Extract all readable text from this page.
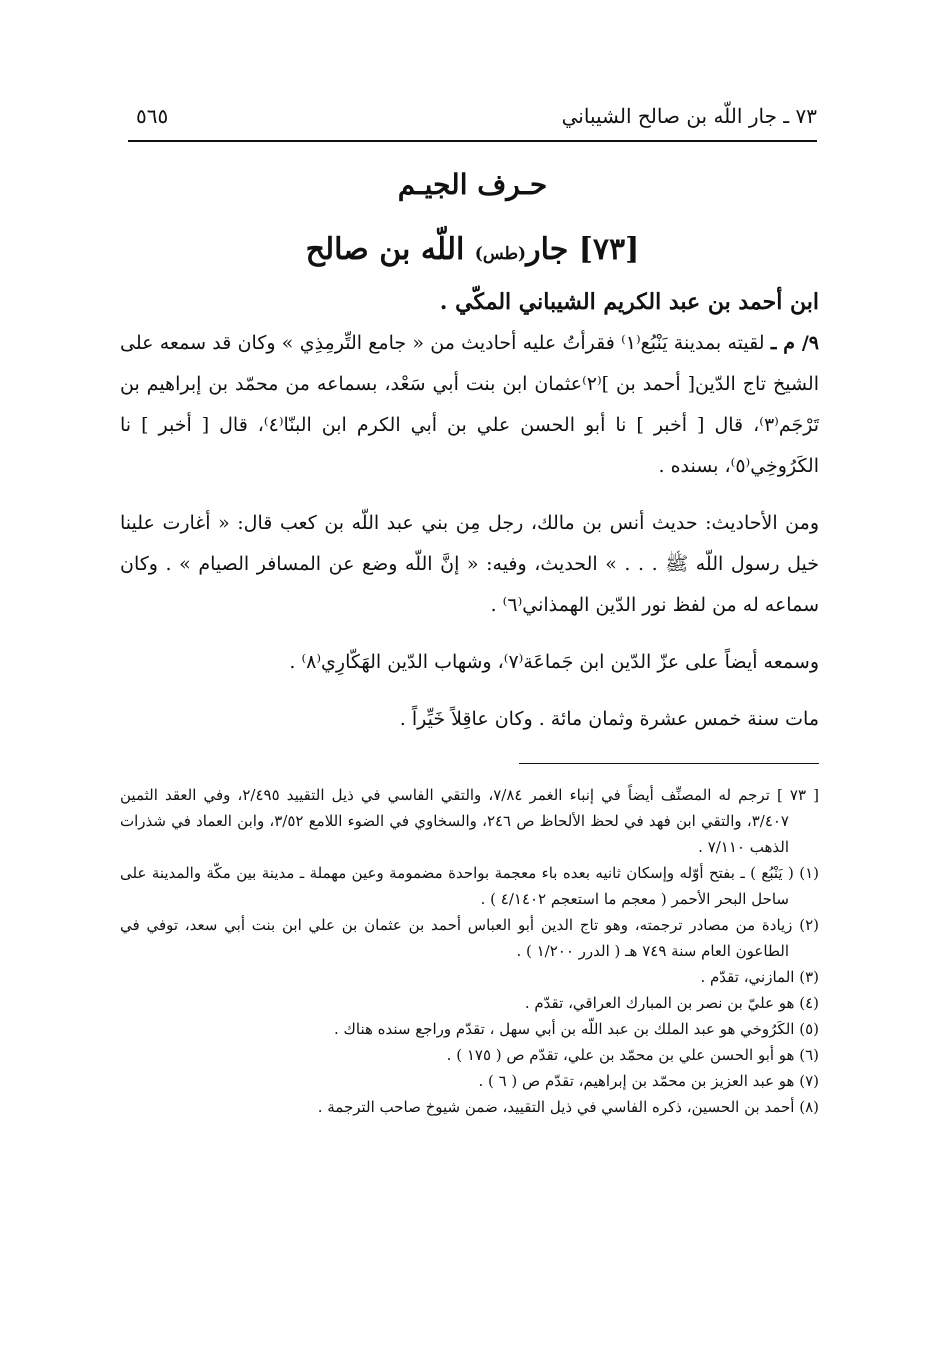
٧٣ ـ جار اللّه بن صالح الشيباني
٥٦٥
حـرف الجيـم
[٧٣] جار(طس) اللّه بن صالح

ابن أحمد بن عبد الكريم الشيباني المكّي .

٩/ م ـ لقيته بمدينة يَنْبُع⁽١⁾ فقرأتُ عليه أحاديث من « جامع التِّرمِذِي » وكان قد سمعه على الشيخ تاج الدّين[ أحمد بن ]⁽٢⁾عثمان ابن بنت أبي سَعْد، بسماعه من محمّد بن إبراهيم بن تَرْجَم⁽٣⁾، قال [ أخبر ] نا أبو الحسن علي بن أبي الكرم ابن البنّا⁽٤⁾، قال [ أخبر ] نا الكَرُوخِي⁽٥⁾، بسنده .

ومن الأحاديث: حديث أنس بن مالك، رجل مِن بني عبد اللّه بن كعب قال: « أغارت علينا خيل رسول اللّه ﷺ . . . » الحديث، وفيه: « إنَّ اللّه وضع عن المسافر الصيام » . وكان سماعه له من لفظ نور الدّين الهمذاني⁽٦⁾ .

وسمعه أيضاً على عزّ الدّين ابن جَماعَة⁽٧⁾، وشهاب الدّين الهَكّارِي⁽٨⁾ .

مات سنة خمس عشرة وثمان مائة . وكان عاقِلاً خَيِّراً .

[ ٧٣ ] ترجم له المصنِّف أيضاً في إنباء الغمر ٧/٨٤، والتقي الفاسي في ذيل التقييد ٢/٤٩٥، وفي العقد الثمين ٣/٤٠٧، والتقي ابن فهد في لحظ الألحاظ ص ٢٤٦، والسخاوي في الضوء اللامع ٣/٥٢، وابن العماد في شذرات الذهب ٧/١١٠ .

(١) ( يَنْبُع ) ـ بفتح أوّله وإسكان ثانيه بعده باء معجمة بواحدة مضمومة وعين مهملة ـ مدينة بين مكّة والمدينة على ساحل البحر الأحمر ( معجم ما استعجم ٤/١٤٠٢ ) .

(٢) زيادة من مصادر ترجمته، وهو تاج الدين أبو العباس أحمد بن عثمان بن علي ابن بنت أبي سعد، توفي في الطاعون العام سنة ٧٤٩ هـ ( الدرر ١/٢٠٠ ) .

(٣) المازني، تقدّم .

(٤) هو عليّ بن نصر بن المبارك العراقي، تقدّم .

(٥) الكَرُوخي هو عبد الملك بن عبد اللّه بن أبي سهل ، تقدّم وراجع سنده هناك .

(٦) هو أبو الحسن علي بن محمّد بن علي، تقدّم ص ( ١٧٥ ) .

(٧) هو عبد العزيز بن محمّد بن إبراهيم، تقدّم ص ( ٦ ) .

(٨) أحمد بن الحسين، ذكره الفاسي في ذيل التقييد، ضمن شيوخ صاحب الترجمة .
